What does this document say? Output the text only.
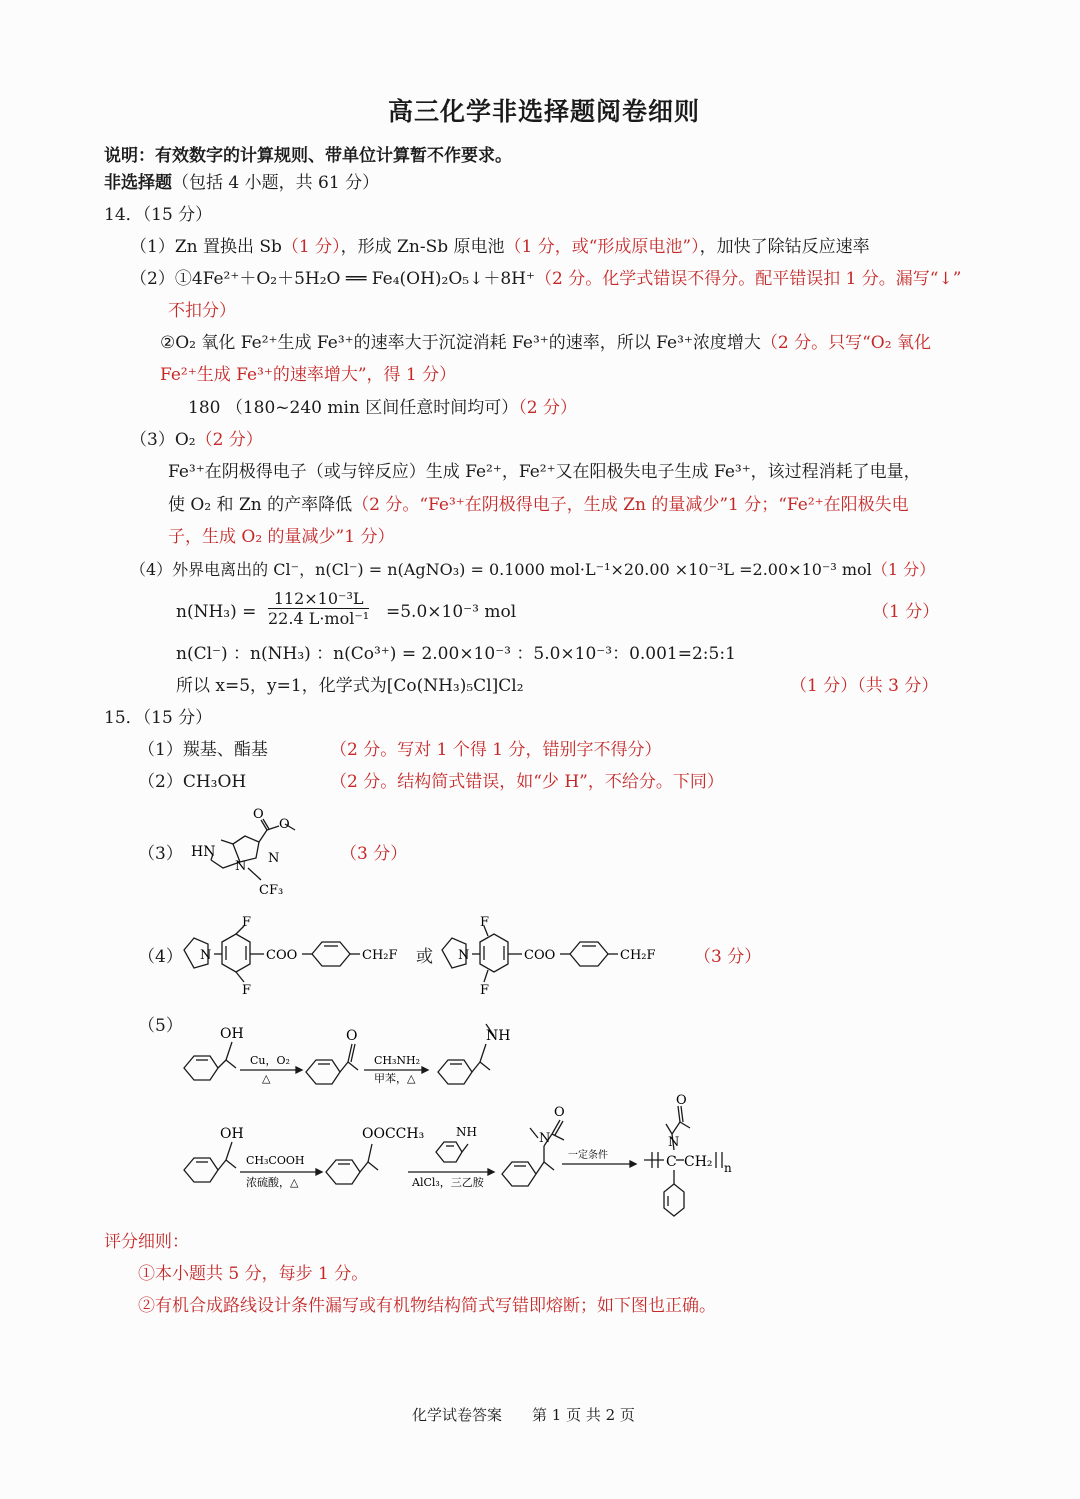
高三化学非选择题阅卷细则
说明：有效数字的计算规则、带单位计算暂不作要求。
非选择题（包括 4 小题，共 61 分）
14．（15 分）
（1）Zn 置换出 Sb（1 分），形成 Zn-Sb 原电池（1 分，或“形成原电池”），加快了除钴反应速率
（2）①4Fe²⁺＋O₂＋5H₂O ══ Fe₄(OH)₂O₅↓＋8H⁺（2 分。化学式错误不得分。配平错误扣 1 分。漏写“↓”
不扣分）
②O₂ 氧化 Fe²⁺生成 Fe³⁺的速率大于沉淀消耗 Fe³⁺的速率，所以 Fe³⁺浓度增大（2 分。只写“O₂ 氧化
Fe²⁺生成 Fe³⁺的速率增大”，得 1 分）
180 （180~240 min 区间任意时间均可）（2 分）
（3）O₂（2 分）
Fe³⁺在阴极得电子（或与锌反应）生成 Fe²⁺，Fe²⁺又在阳极失电子生成 Fe³⁺，该过程消耗了电量，
使 O₂ 和 Zn 的产率降低（2 分。“Fe³⁺在阴极得电子，生成 Zn 的量减少”1 分；“Fe²⁺在阳极失电
子，生成 O₂ 的量减少”1 分）
（4）外界电离出的 Cl⁻，n(Cl⁻) = n(AgNO₃) = 0.1000 mol·L⁻¹×20.00 ×10⁻³L =2.00×10⁻³ mol（1 分）
n(NH₃) =
112×10⁻³L
22.4 L·mol⁻¹ =5.0×10⁻³ mol	（1 分）
n(Cl⁻) ：n(NH₃) ：n(Co³⁺) = 2.00×10⁻³ ：5.0×10⁻³：0.001=2:5:1
所以 x=5，y=1，化学式为[Co(NH₃)₅Cl]Cl₂	（1 分）（共 3 分）
15．（15 分）
（1）羰基、酯基	（2 分。写对 1 个得 1 分，错别字不得分）
（2）CH₃OH	（2 分。结构简式错误，如“少 H”，不给分。下同）
（3）	（3 分）
HN
N
N
O
O
CF₃
（4） N
F
F
COO	CH₂F 或 N
F
F
COO	CH₂F （3 分）
（5）	OH	O	NH
Cu，O₂
△
CH₃NH₂
甲苯，△
OH	OOCCH₃	NH
O
N
O
N
C CH₂ n
CH₃COOH
浓硫酸，△	AlCl₃，三乙胺
一定条件
评分细则：
①本小题共 5 分，每步 1 分。
②有机合成路线设计条件漏写或有机物结构简式写错即熔断；如下图也正确。
化学试卷答案　　第 1 页 共 2 页
